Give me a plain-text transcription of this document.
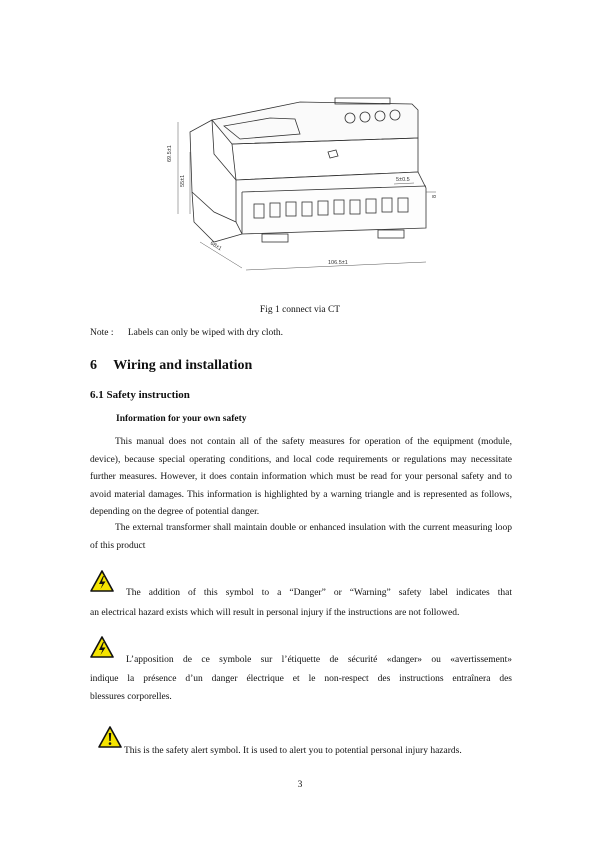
69.5±1
55±1
68±1
106.5±1
5±0.5
8
Fig 1 connect via CT
Note : Labels can only be wiped with dry cloth.
6 Wiring and installation
6.1 Safety instruction
Information for your own safety
This manual does not contain all of the safety measures for operation of the equipment (module, device), because special operating conditions, and local code requirements or regulations may necessitate further measures. However, it does contain information which must be read for your personal safety and to avoid material damages. This information is highlighted by a warning triangle and is represented as follows, depending on the degree of potential danger.
The external transformer shall maintain double or enhanced insulation with the current measuring loop of this product
The addition of this symbol to a “Danger” or “Warning” safety label indicates that
an electrical hazard exists which will result in personal injury if the instructions are not followed.
L’apposition de ce symbole sur l’étiquette de sécurité «danger» ou «avertissement»
indique la présence d’un danger électrique et le non-respect des instructions entraînera des
blessures corporelles.
This is the safety alert symbol. It is used to alert you to potential personal injury hazards.
3
